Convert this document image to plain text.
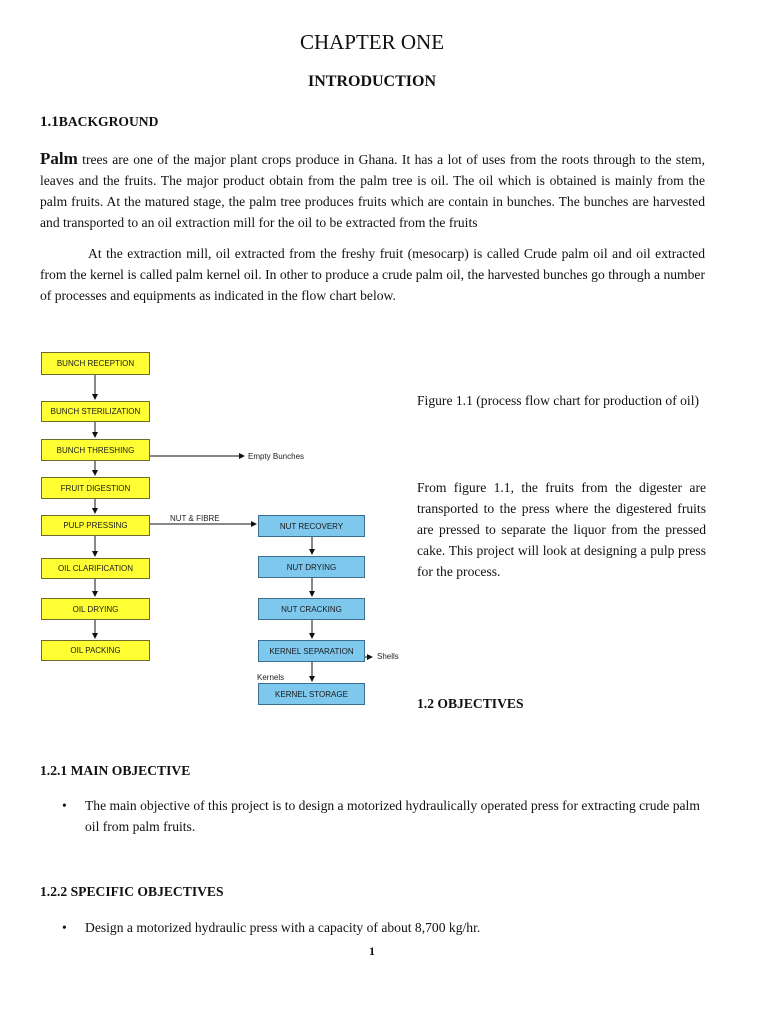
CHAPTER ONE
INTRODUCTION
1.1BACKGROUND
Palm trees are one of the major plant crops produce in Ghana. It has a lot of uses from the roots through to the stem, leaves and the fruits. The major product obtain from the palm tree is oil. The oil which is obtained is mainly from the palm fruits. At the matured stage, the palm tree produces fruits which are contain in bunches. The bunches are harvested and transported to an oil extraction mill for the oil to be extracted from the fruits
At the extraction mill, oil extracted from the freshy fruit (mesocarp) is called Crude palm oil and oil extracted from the kernel is called palm kernel oil. In other to produce a crude palm oil, the harvested bunches go through a number of processes and equipments as indicated in the flow chart below.
BUNCH RECEPTION
BUNCH STERILIZATION
BUNCH THRESHING
FRUIT DIGESTION
PULP PRESSING
OIL CLARIFICATION
OIL DRYING
OIL PACKING
NUT RECOVERY
NUT DRYING
NUT CRACKING
KERNEL SEPARATION
KERNEL STORAGE
Empty Bunches
NUT & FIBRE
Shells
Kernels
Figure 1.1 (process flow chart for production of oil)
From figure 1.1, the fruits from the digester are transported to the press where the digestered fruits are pressed to separate the liquor from the pressed cake. This project will look at designing a pulp press for the process.
1.2 OBJECTIVES
1.2.1 MAIN OBJECTIVE
•	The main objective of this project is to design a motorized hydraulically operated press for extracting crude palm oil from palm fruits.
1.2.2 SPECIFIC OBJECTIVES
•	Design a motorized hydraulic press with a capacity of about 8,700 kg/hr.
1
